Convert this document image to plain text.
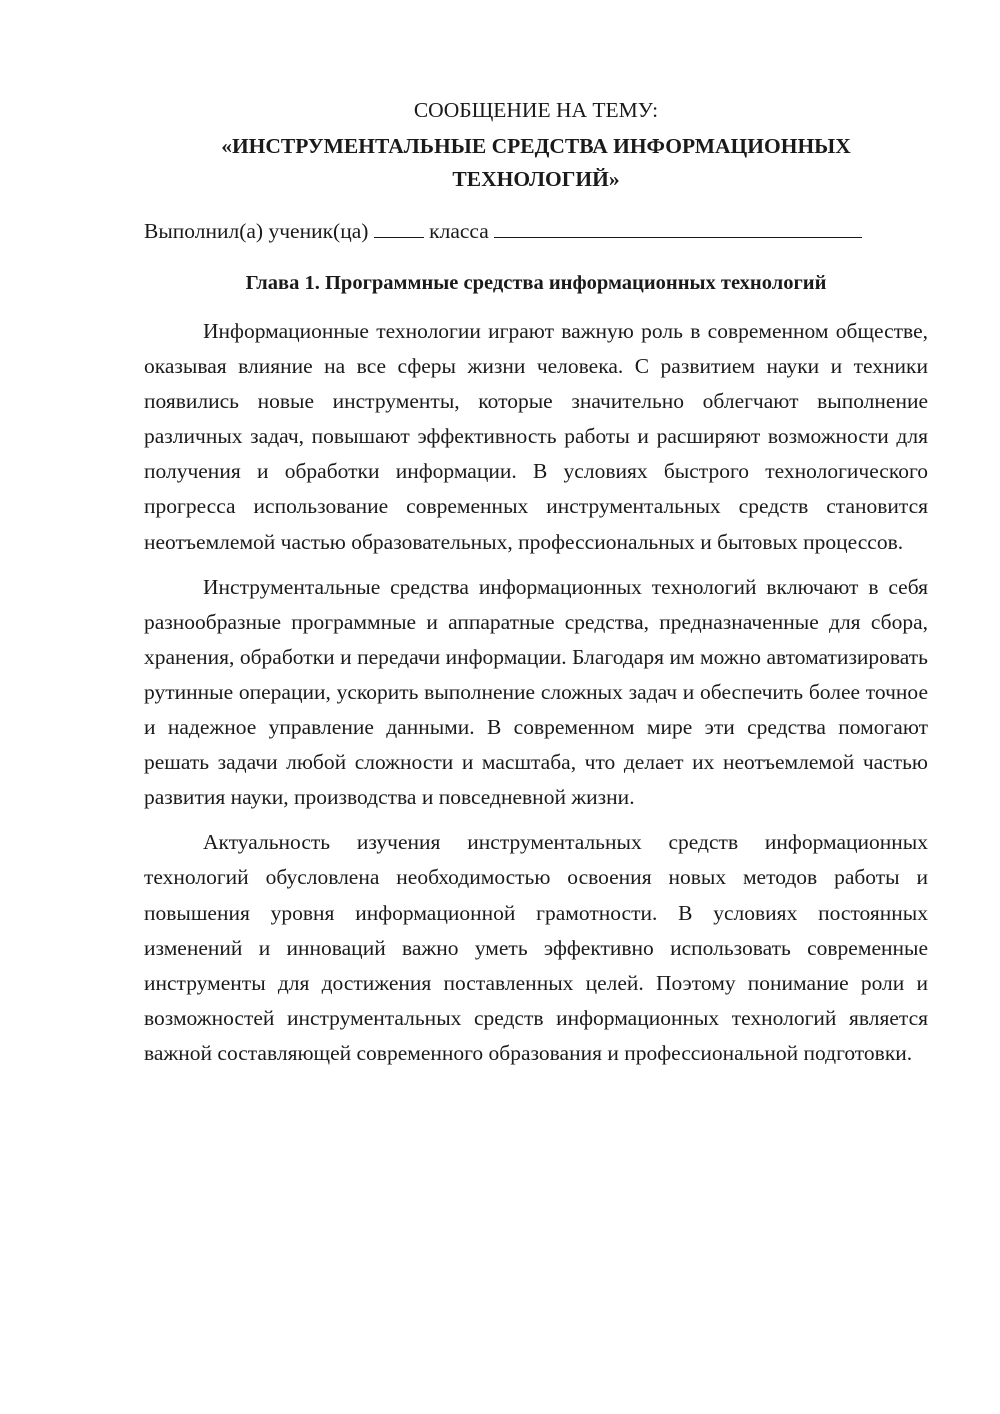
СООБЩЕНИЕ НА ТЕМУ:

«ИНСТРУМЕНТАЛЬНЫЕ СРЕДСТВА ИНФОРМАЦИОННЫХ ТЕХНОЛОГИЙ»

Выполнил(а) ученик(ца)	класса

Глава 1. Программные средства информационных технологий

Информационные технологии играют важную роль в современном обществе, оказывая влияние на все сферы жизни человека. С развитием науки и техники появились новые инструменты, которые значительно облегчают выполнение различных задач, повышают эффективность работы и расширяют возможности для получения и обработки информации. В условиях быстрого технологического прогресса использование современных инструментальных средств становится неотъемлемой частью образовательных, профессиональных и бытовых процессов.

Инструментальные средства информационных технологий включают в себя разнообразные программные и аппаратные средства, предназначенные для сбора, хранения, обработки и передачи информации. Благодаря им можно автоматизировать рутинные операции, ускорить выполнение сложных задач и обеспечить более точное и надежное управление данными. В современном мире эти средства помогают решать задачи любой сложности и масштаба, что делает их неотъемлемой частью развития науки, производства и повседневной жизни.

Актуальность изучения инструментальных средств информационных технологий обусловлена необходимостью освоения новых методов работы и повышения уровня информационной грамотности. В условиях постоянных изменений и инноваций важно уметь эффективно использовать современные инструменты для достижения поставленных целей. Поэтому понимание роли и возможностей инструментальных средств информационных технологий является важной составляющей современного образования и профессиональной подготовки.
